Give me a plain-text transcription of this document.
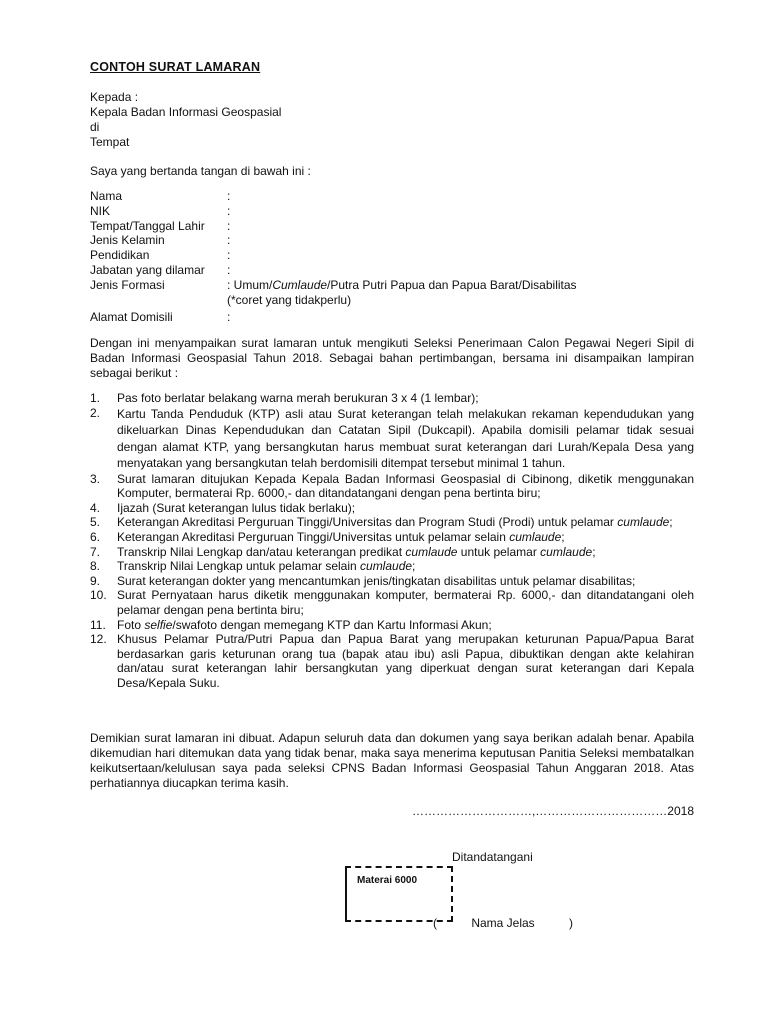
CONTOH SURAT LAMARAN
Kepada :
Kepala Badan Informasi Geospasial
di
Tempat
Saya yang bertanda tangan di bawah ini :
Nama	:
NIK	:
Tempat/Tanggal Lahir	:
Jenis Kelamin	:
Pendidikan	:
Jabatan yang dilamar	:
Jenis Formasi	: Umum/Cumlaude/Putra Putri Papua dan Papua Barat/Disabilitas
(*coret yang tidakperlu)
Alamat Domisili	:
Dengan ini menyampaikan surat lamaran untuk mengikuti Seleksi Penerimaan Calon Pegawai Negeri Sipil di Badan Informasi Geospasial Tahun 2018. Sebagai bahan pertimbangan, bersama ini disampaikan lampiran sebagai berikut :
1.	Pas foto berlatar belakang warna merah berukuran 3 x 4 (1 lembar);
2.	Kartu Tanda Penduduk (KTP) asli atau Surat keterangan telah melakukan rekaman kependudukan yang dikeluarkan Dinas Kependudukan dan Catatan Sipil (Dukcapil). Apabila domisili pelamar tidak sesuai dengan alamat KTP, yang bersangkutan harus membuat surat keterangan dari Lurah/Kepala Desa yang menyatakan yang bersangkutan telah berdomisili ditempat tersebut minimal 1 tahun.
3.	Surat lamaran ditujukan Kepada Kepala Badan Informasi Geospasial di Cibinong, diketik menggunakan Komputer, bermaterai Rp. 6000,- dan ditandatangani dengan pena bertinta biru;
4.	Ijazah (Surat keterangan lulus tidak berlaku);
5.	Keterangan Akreditasi Perguruan Tinggi/Universitas dan Program Studi (Prodi) untuk pelamar cumlaude;
6.	Keterangan Akreditasi Perguruan Tinggi/Universitas untuk pelamar selain cumlaude;
7.	Transkrip Nilai Lengkap dan/atau keterangan predikat cumlaude untuk pelamar cumlaude;
8.	Transkrip Nilai Lengkap untuk pelamar selain cumlaude;
9.	Surat keterangan dokter yang mencantumkan jenis/tingkatan disabilitas untuk pelamar disabilitas;
10. Surat Pernyataan harus diketik menggunakan komputer, bermaterai Rp. 6000,- dan ditandatangani oleh pelamar dengan pena bertinta biru;
11. Foto selfie/swafoto dengan memegang KTP dan Kartu Informasi Akun;
12. Khusus Pelamar Putra/Putri Papua dan Papua Barat yang merupakan keturunan Papua/Papua Barat berdasarkan garis keturunan orang tua (bapak atau ibu) asli Papua, dibuktikan dengan akte kelahiran dan/atau surat keterangan lahir bersangkutan yang diperkuat dengan surat keterangan dari Kepala Desa/Kepala Suku.
Demikian surat lamaran ini dibuat. Adapun seluruh data dan dokumen yang saya berikan adalah benar. Apabila dikemudian hari ditemukan data yang tidak benar, maka saya menerima keputusan Panitia Seleksi membatalkan keikutsertaan/kelulusan saya pada seleksi CPNS Badan Informasi Geospasial Tahun Anggaran 2018. Atas perhatiannya diucapkan terima kasih.
…………………………,……………………………2018
Ditandatangani
Materai 6000
(	Nama Jelas	)
